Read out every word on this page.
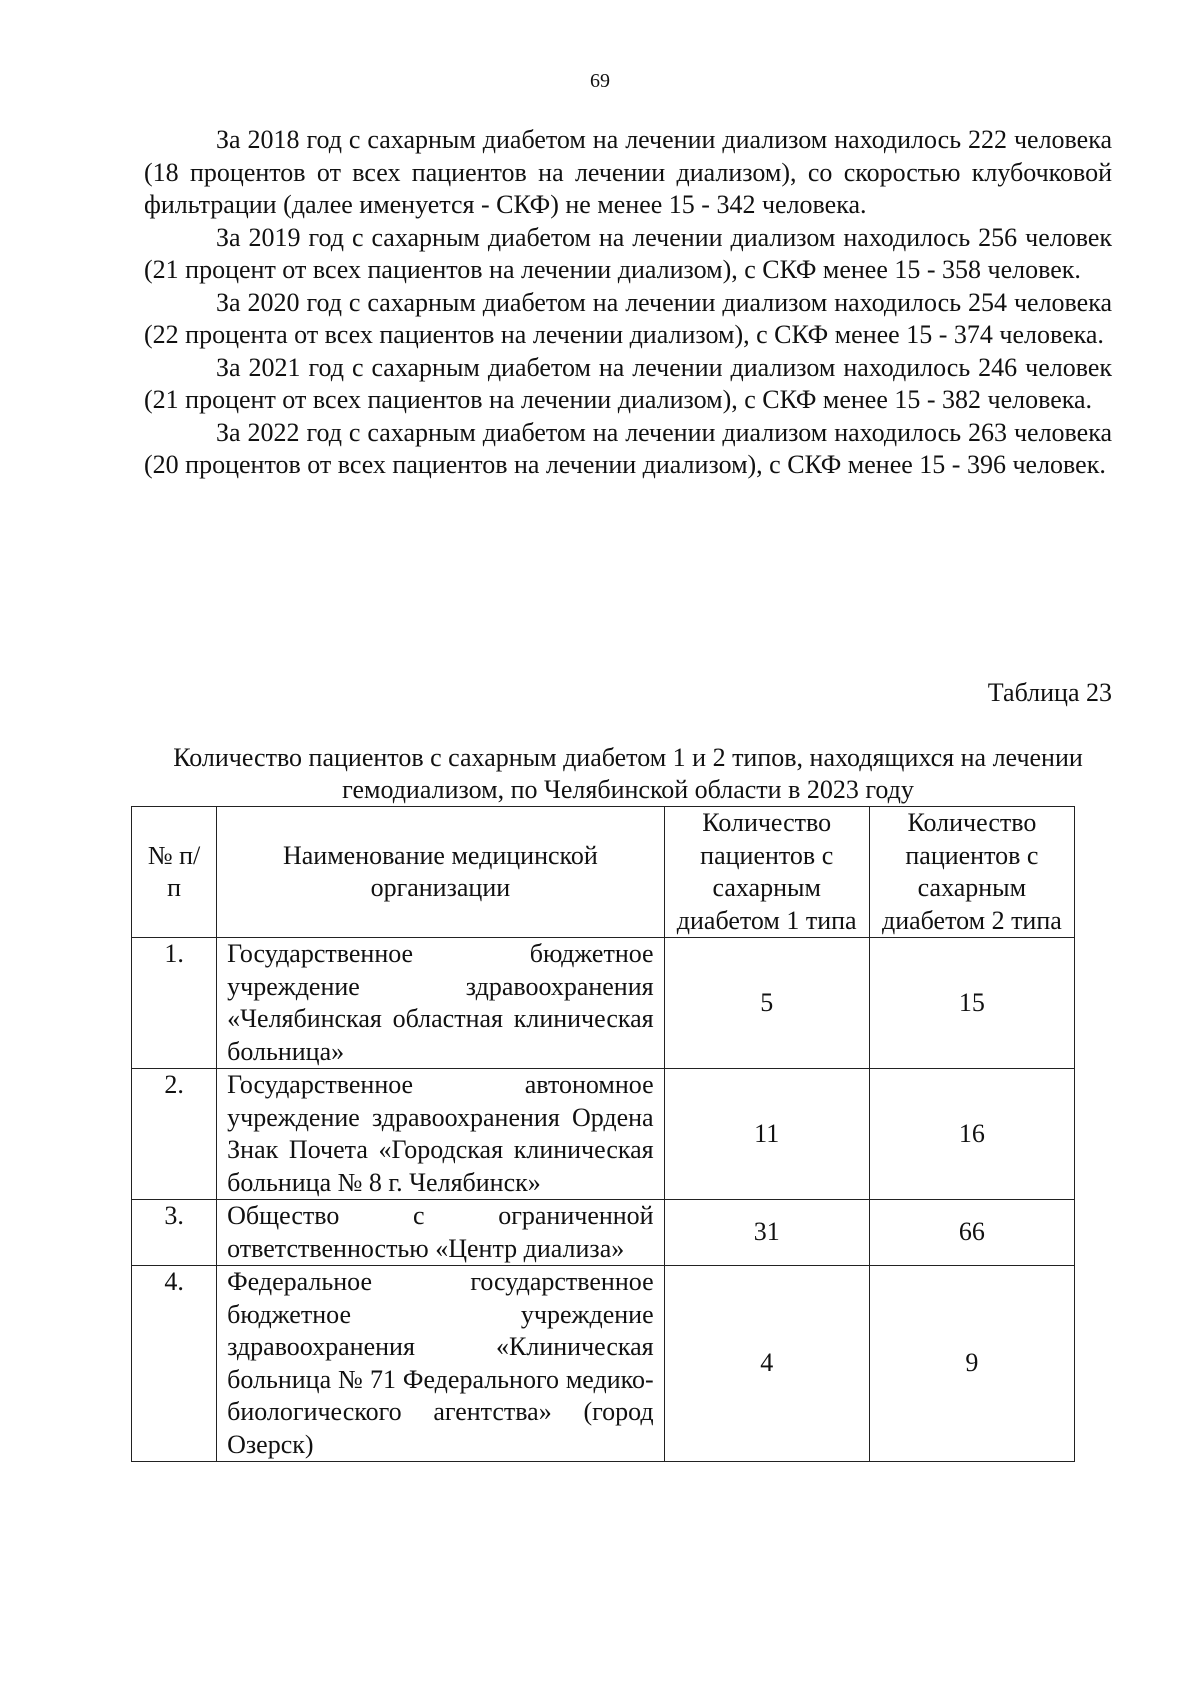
69

За 2018 год с сахарным диабетом на лечении диализом находилось 222 человека (18 процентов от всех пациентов на лечении диализом), со скоростью клубочковой фильтрации (далее именуется - СКФ) не менее 15 - 342 человека.

За 2019 год с сахарным диабетом на лечении диализом находилось 256 человек (21 процент от всех пациентов на лечении диализом), с СКФ менее 15 - 358 человек.

За 2020 год с сахарным диабетом на лечении диализом находилось 254 человека (22 процента от всех пациентов на лечении диализом), с СКФ менее 15 - 374 человека.

За 2021 год с сахарным диабетом на лечении диализом находилось 246 человек (21 процент от всех пациентов на лечении диализом), с СКФ менее 15 - 382 человека.

За 2022 год с сахарным диабетом на лечении диализом находилось 263 человека (20 процентов от всех пациентов на лечении диализом), с СКФ менее 15 - 396 человек.

Таблица 23
Количество пациентов с сахарным диабетом 1 и 2 типов, находящихся на лечении гемодиализом, по Челябинской области в 2023 году
№ п/п	Наименование медицинской организации	Количество пациентов с сахарным диабетом 1 типа	Количество пациентов с сахарным диабетом 2 типа
1.	Государственное бюджетное учреждение здравоохранения «Челябинская областная клиническая больница»	5	15
2.	Государственное автономное учреждение здравоохранения Ордена Знак Почета «Городская клиническая больница № 8 г. Челябинск»	11	16
3.	Общество с ограниченной ответственностью «Центр диализа»	31	66
4.	Федеральное государственное бюджетное учреждение здравоохранения «Клиническая больница № 71 Федерального медико-биологического агентства» (город Озерск)	4	9
